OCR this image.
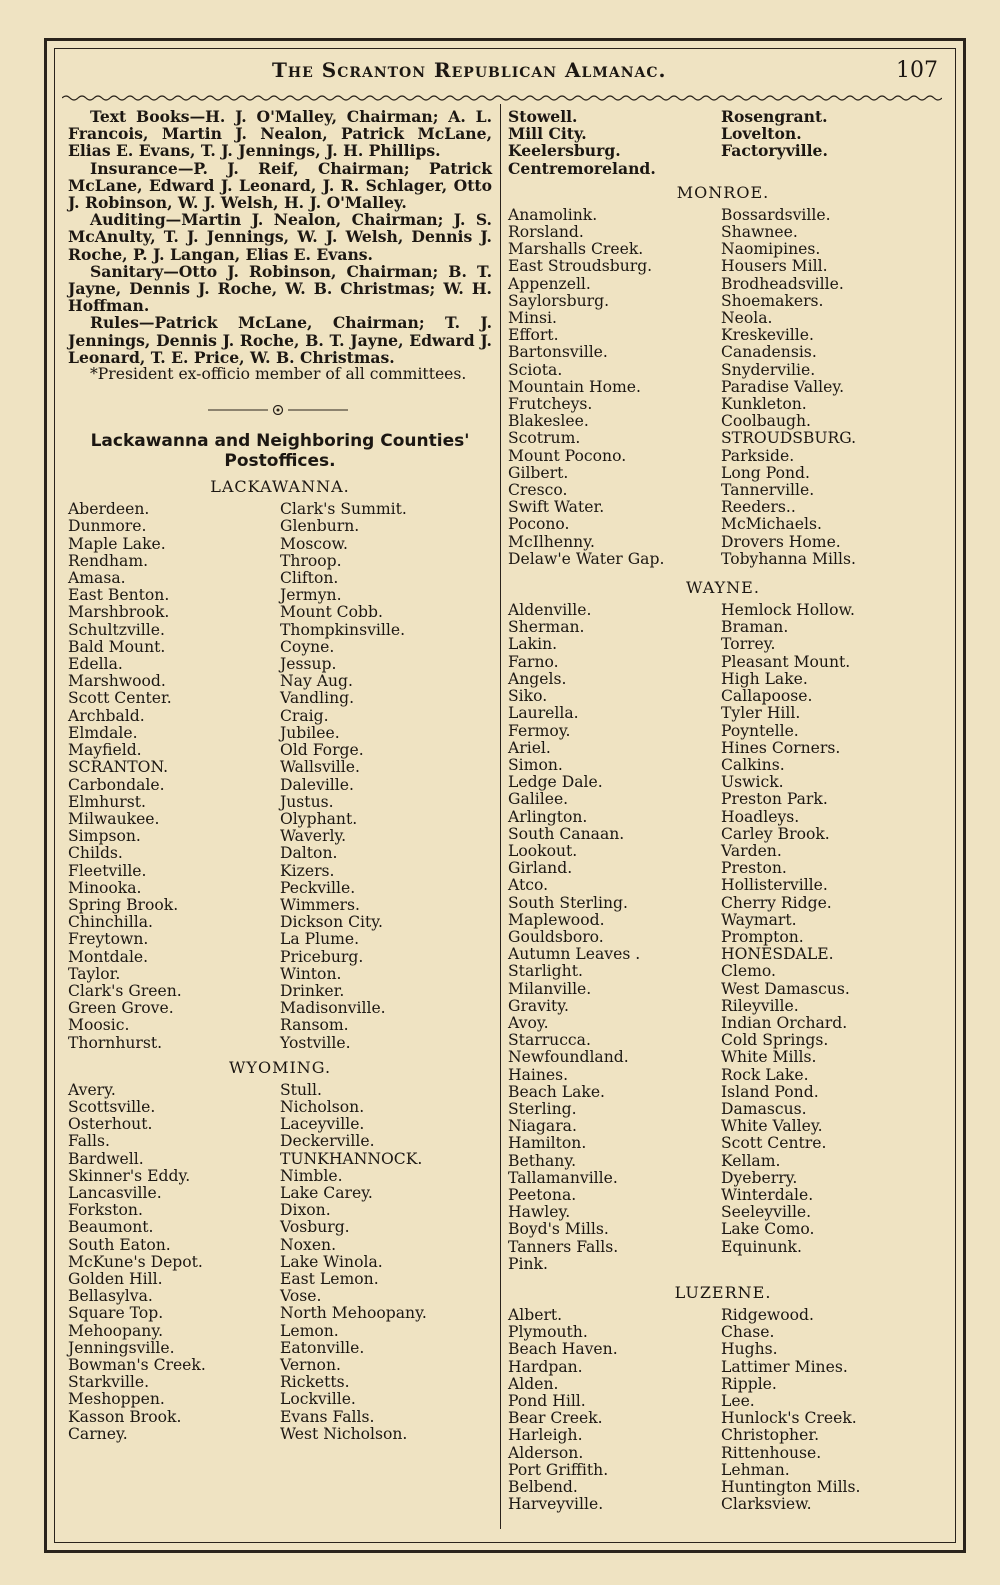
The Scranton Republican Almanac.	107

Text Books—H. J. O'Malley, Chairman; A. L. Francois, Martin J. Nealon, Patrick McLane, Elias E. Evans, T. J. Jennings, J. H. Phillips.

Insurance—P. J. Reif, Chairman; Patrick McLane, Edward J. Leonard, J. R. Schlager, Otto J. Robinson, W. J. Welsh, H. J. O'Malley.

Auditing—Martin J. Nealon, Chairman; J. S. McAnulty, T. J. Jennings, W. J. Welsh, Dennis J. Roche, P. J. Langan, Elias E. Evans.

Sanitary—Otto J. Robinson, Chairman; B. T. Jayne, Dennis J. Roche, W. B. Christmas; W. H. Hoffman.

Rules—Patrick McLane, Chairman; T. J. Jennings, Dennis J. Roche, B. T. Jayne, Edward J. Leonard, T. E. Price, W. B. Christmas.

*President ex-officio member of all committees.

Lackawanna and Neighboring Counties'
Postoffices.
LACKAWANNA.
Aberdeen.	Clark's Summit.
Dunmore.	Glenburn.
Maple Lake.	Moscow.
Rendham.	Throop.
Amasa.	Clifton.
East Benton.	Jermyn.
Marshbrook.	Mount Cobb.
Schultzville.	Thompkinsville.
Bald Mount.	Coyne.
Edella.	Jessup.
Marshwood.	Nay Aug.
Scott Center.	Vandling.
Archbald.	Craig.
Elmdale.	Jubilee.
Mayfield.	Old Forge.
SCRANTON.	Wallsville.
Carbondale.	Daleville.
Elmhurst.	Justus.
Milwaukee.	Olyphant.
Simpson.	Waverly.
Childs.	Dalton.
Fleetville.	Kizers.
Minooka.	Peckville.
Spring Brook.	Wimmers.
Chinchilla.	Dickson City.
Freytown.	La Plume.
Montdale.	Priceburg.
Taylor.	Winton.
Clark's Green.	Drinker.
Green Grove.	Madisonville.
Moosic.	Ransom.
Thornhurst.	Yostville.
WYOMING.
Avery.	Stull.
Scottsville.	Nicholson.
Osterhout.	Laceyville.
Falls.	Deckerville.
Bardwell.	TUNKHANNOCK.
Skinner's Eddy.	Nimble.
Lancasville.	Lake Carey.
Forkston.	Dixon.
Beaumont.	Vosburg.
South Eaton.	Noxen.
McKune's Depot.	Lake Winola.
Golden Hill.	East Lemon.
Bellasylva.	Vose.
Square Top.	North Mehoopany.
Mehoopany.	Lemon.
Jenningsville.	Eatonville.
Bowman's Creek.	Vernon.
Starkville.	Ricketts.
Meshoppen.	Lockville.
Kasson Brook.	Evans Falls.
Carney.	West Nicholson.
Stowell.	Rosengrant.
Mill City.	Lovelton.
Keelersburg.	Factoryville.
Centremoreland.
MONROE.
Anamolink.	Bossardsville.
Rorsland.	Shawnee.
Marshalls Creek.	Naomipines.
East Stroudsburg.	Housers Mill.
Appenzell.	Brodheadsville.
Saylorsburg.	Shoemakers.
Minsi.	Neola.
Effort.	Kreskeville.
Bartonsville.	Canadensis.
Sciota.	Snydervilie.
Mountain Home.	Paradise Valley.
Frutcheys.	Kunkleton.
Blakeslee.	Coolbaugh.
Scotrum.	STROUDSBURG.
Mount Pocono.	Parkside.
Gilbert.	Long Pond.
Cresco.	Tannerville.
Swift Water.	Reeders..
Pocono.	McMichaels.
McIlhenny.	Drovers Home.
Delaw'e Water Gap.	Tobyhanna Mills.
WAYNE.
Aldenville.	Hemlock Hollow.
Sherman.	Braman.
Lakin.	Torrey.
Farno.	Pleasant Mount.
Angels.	High Lake.
Siko.	Callapoose.
Laurella.	Tyler Hill.
Fermoy.	Poyntelle.
Ariel.	Hines Corners.
Simon.	Calkins.
Ledge Dale.	Uswick.
Galilee.	Preston Park.
Arlington.	Hoadleys.
South Canaan.	Carley Brook.
Lookout.	Varden.
Girland.	Preston.
Atco.	Hollisterville.
South Sterling.	Cherry Ridge.
Maplewood.	Waymart.
Gouldsboro.	Prompton.
Autumn Leaves .	HONESDALE.
Starlight.	Clemo.
Milanville.	West Damascus.
Gravity.	Rileyville.
Avoy.	Indian Orchard.
Starrucca.	Cold Springs.
Newfoundland.	White Mills.
Haines.	Rock Lake.
Beach Lake.	Island Pond.
Sterling.	Damascus.
Niagara.	White Valley.
Hamilton.	Scott Centre.
Bethany.	Kellam.
Tallamanville.	Dyeberry.
Peetona.	Winterdale.
Hawley.	Seeleyville.
Boyd's Mills.	Lake Como.
Tanners Falls.	Equinunk.
Pink.
LUZERNE.
Albert.	Ridgewood.
Plymouth.	Chase.
Beach Haven.	Hughs.
Hardpan.	Lattimer Mines.
Alden.	Ripple.
Pond Hill.	Lee.
Bear Creek.	Hunlock's Creek.
Harleigh.	Christopher.
Alderson.	Rittenhouse.
Port Griffith.	Lehman.
Belbend.	Huntington Mills.
Harveyville.	Clarksview.
